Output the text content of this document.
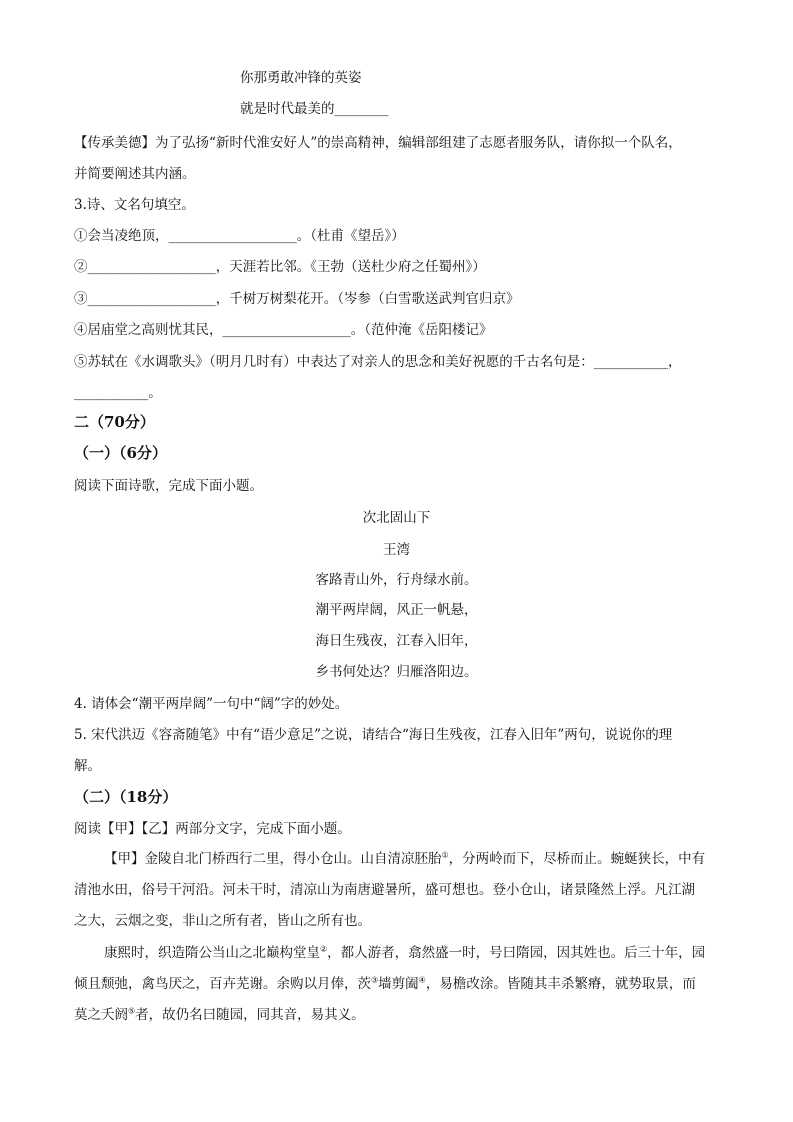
你那勇敢冲锋的英姿
就是时代最美的________
【传承美德】为了弘扬“新时代淮安好人”的崇高精神，编辑部组建了志愿者服务队，请你拟一个队名，
并简要阐述其内涵。
3.诗、文名句填空。
①会当凌绝顶，___________________。（杜甫《望岳》）
②___________________，天涯若比邻。《王勃（送杜少府之任蜀州》）
③___________________，千树万树梨花开。（岑参（白雪歌送武判官归京》
④居庙堂之高则忧其民，___________________。（范仲淹《岳阳楼记》
⑤苏轼在《水调歌头》（明月几时有）中表达了对亲人的思念和美好祝愿的千古名句是：___________，
___________。
二（70分）
（一）（6分）
阅读下面诗歌，完成下面小题。
次北固山下
王湾
客路青山外，行舟绿水前。
潮平两岸阔，风正一帆悬，
海日生残夜，江春入旧年，
乡书何处达？归雁洛阳边。
4. 请体会“潮平两岸阔”一句中“阔”字的妙处。
5. 宋代洪迈《容斋随笔》中有“语少意足”之说，请结合“海日生残夜，江春入旧年”两句，说说你的理
解。
（二）（18分）
阅读【甲】【乙】两部分文字，完成下面小题。
【甲】金陵自北门桥西行二里，得小仓山。山自清凉胚胎①，分两岭而下，尽桥而止。蜿蜒狭长，中有
清池水田，俗号干河沿。河未干时，清凉山为南唐避暑所，盛可想也。登小仓山，诸景隆然上浮。凡江湖
之大，云烟之变，非山之所有者，皆山之所有也。
康熙时，织造隋公当山之北巅构堂皇②，都人游者，翕然盛一时，号曰隋园，因其姓也。后三十年，园
倾且颓弛，禽鸟厌之，百卉芜谢。余购以月俸，茨③墙剪阖④，易檐改涂。皆随其丰杀繁瘠，就势取景，而
莫之夭阏⑤者，故仍名曰随园，同其音，易其义。
